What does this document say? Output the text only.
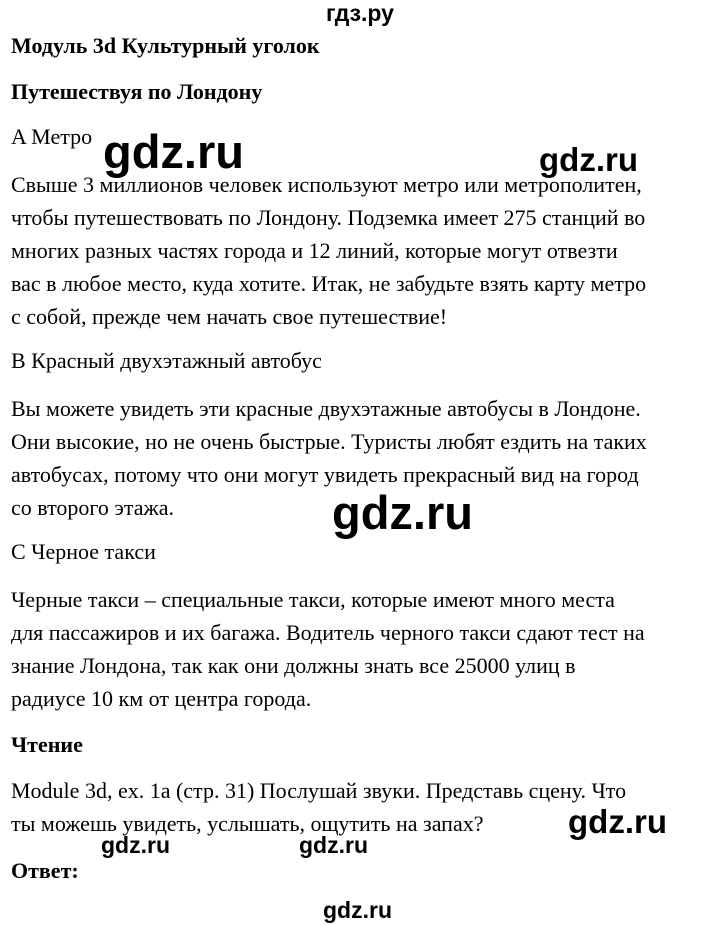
гдз.ру
Модуль 3d Культурный уголок
Путешествуя по Лондону
A Метро
Свыше 3 миллионов человек используют метро или метрополитен,
чтобы путешествовать по Лондону. Подземка имеет 275 станций во
многих разных частях города и 12 линий, которые могут отвезти
вас в любое место, куда хотите. Итак, не забудьте взять карту метро
с собой, прежде чем начать свое путешествие!
B Красный двухэтажный автобус
Вы можете увидеть эти красные двухэтажные автобусы в Лондоне.
Они высокие, но не очень быстрые. Туристы любят ездить на таких
автобусах, потому что они могут увидеть прекрасный вид на город
со второго этажа.
C Черное такси
Черные такси – специальные такси, которые имеют много места
для пассажиров и их багажа. Водитель черного такси сдают тест на
знание Лондона, так как они должны знать все 25000 улиц в
радиусе 10 км от центра города.
Чтение
Module 3d, ex. 1a (стр. 31) Послушай звуки. Представь сцену. Что
ты можешь увидеть, услышать, ощутить на запах?
Ответ:
gdz.ru	gdz.ru
gdz.ru
gdz.ru
gdz.ru	gdz.ru
gdz.ru
